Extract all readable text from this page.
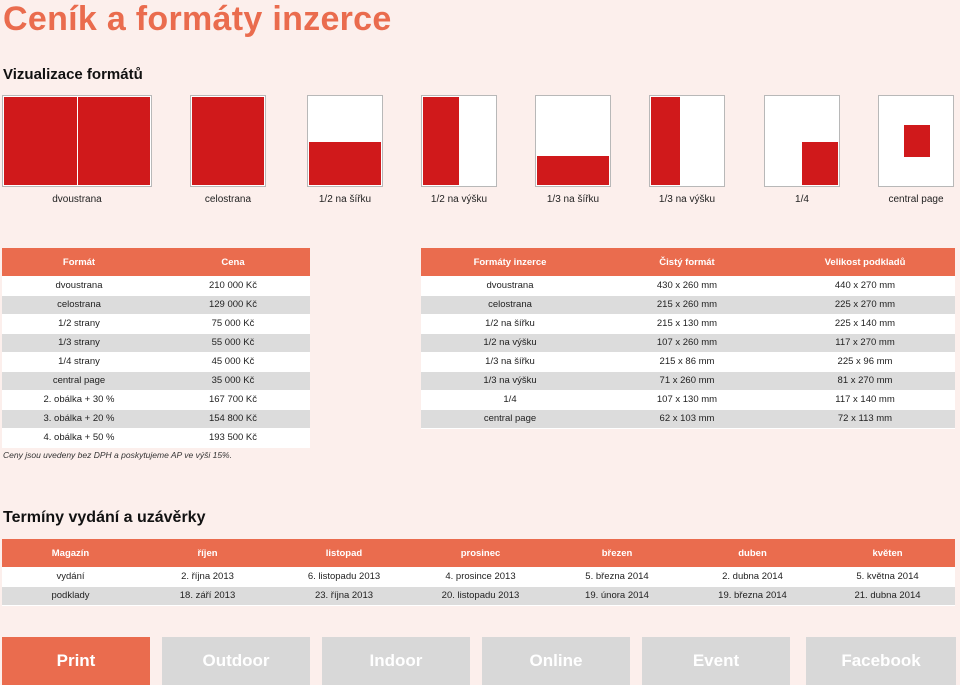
Ceník a formáty inzerce
Vizualizace formátů
dvoustrana	celostrana	1/2 na šířku	1/2 na výšku	1/3 na šířku	1/3 na výšku	1/4	central page
Formát	Cena
dvoustrana	210 000 Kč
celostrana	129 000 Kč
1/2 strany	75 000 Kč
1/3 strany	55 000 Kč
1/4 strany	45 000 Kč
central page	35 000 Kč
2. obálka + 30 %	167 700 Kč
3. obálka + 20 %	154 800 Kč
4. obálka + 50 %	193 500 Kč
Ceny jsou uvedeny bez DPH a poskytujeme AP ve výši 15%.
Formáty inzerce	Čistý formát	Velikost podkladů
dvoustrana	430 x 260 mm	440 x 270 mm
celostrana	215 x 260 mm	225 x 270 mm
1/2 na šířku	215 x 130 mm	225 x 140 mm
1/2 na výšku	107 x 260 mm	117 x 270 mm
1/3 na šířku	215 x 86 mm	225 x 96 mm
1/3 na výšku	71 x 260 mm	81 x 270 mm
1/4	107 x 130 mm	117 x 140 mm
central page	62 x 103 mm	72 x 113 mm
Termíny vydání a uzávěrky
Magazín	říjen	listopad	prosinec	březen	duben	květen
vydání	2. října 2013	6. listopadu 2013	4. prosince 2013	5. března 2014	2. dubna 2014	5. května 2014
podklady	18. září 2013	23. října 2013	20. listopadu 2013	19. února 2014	19. března 2014	21. dubna 2014
Print	Outdoor	Indoor	Online	Event	Facebook
